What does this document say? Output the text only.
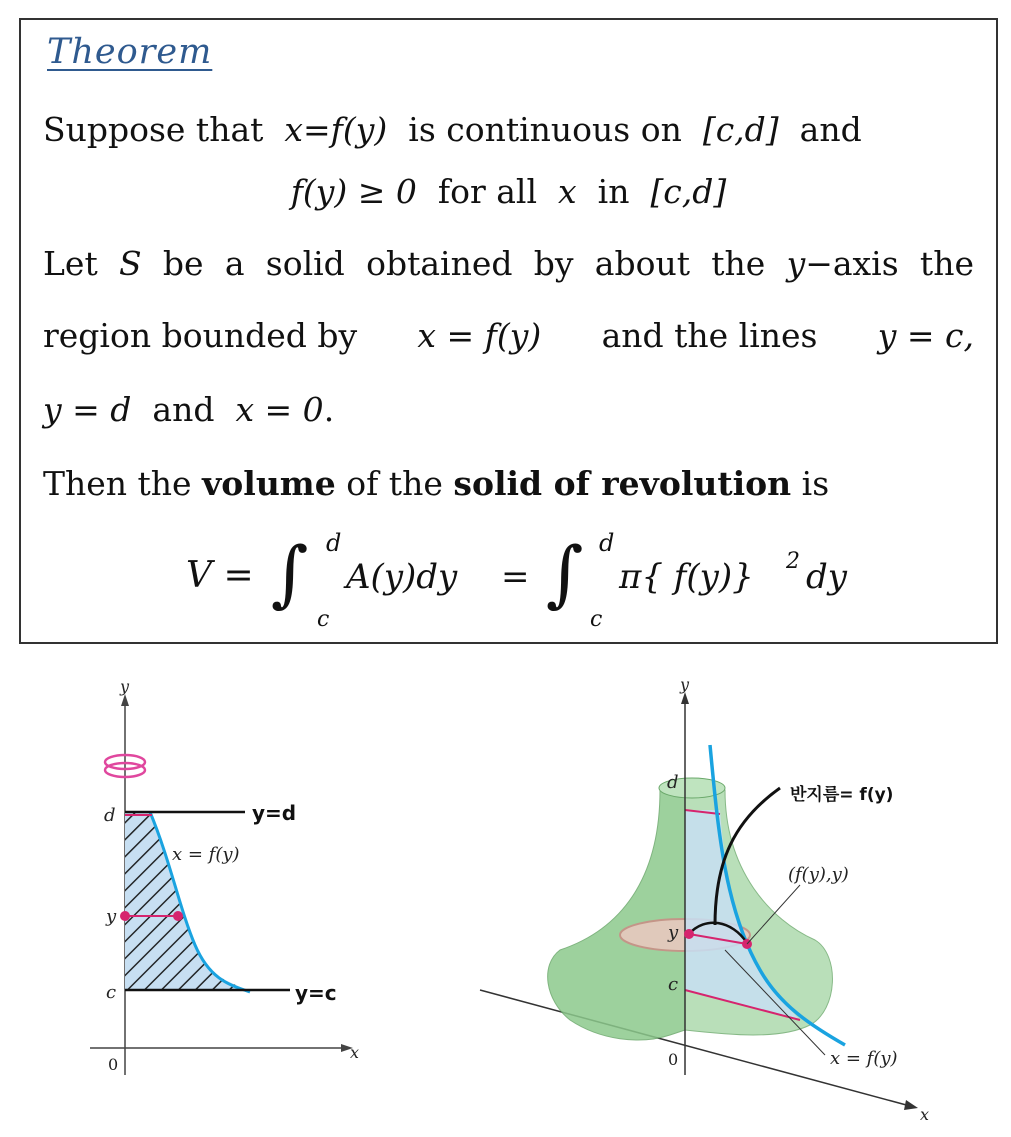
Theorem
Suppose that x=f(y) is continuous on [c,d] and
f(y) ≥ 0 for all x in [c,d]
Let S be a solid obtained by about the y−axis the
region bounded by x = f(y) and the lines y = c,
y = d and x = 0.
Then the volume of the solid of revolution is
V = ∫ d
c
A(y)dy = ∫ d
c
π{ f(y)} 2 dy
y
x
0
d
y
c
x = f(y)
y=d
y=c
y
x
0
d
y
c
(f(y),y)
x = f(y)
반지름= f(y)
